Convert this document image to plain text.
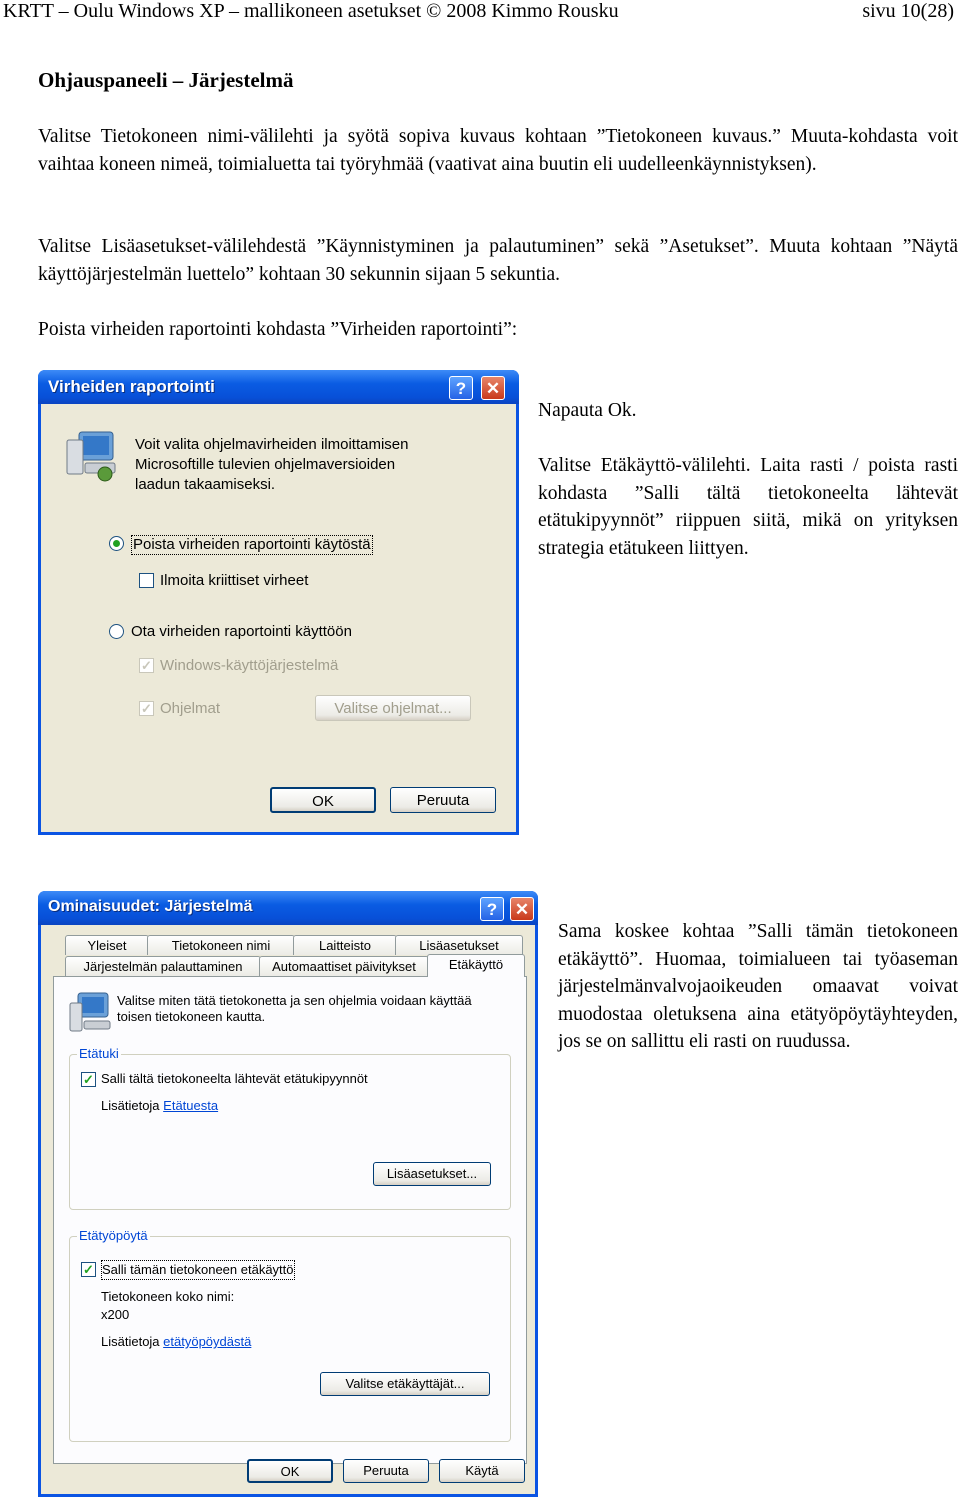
KRTT – Oulu Windows XP – mallikoneen asetukset © 2008 Kimmo Rousku	sivu 10(28)
Ohjauspaneeli – Järjestelmä
Valitse Tietokoneen nimi-välilehti ja syötä sopiva kuvaus kohtaan ”Tietokoneen kuvaus.” Muuta-kohdasta voit vaihtaa koneen nimeä, toimialuetta tai työryhmää (vaativat aina buutin eli uudelleenkäynnistyksen).
Valitse Lisäasetukset-välilehdestä ”Käynnistyminen ja palautuminen” sekä ”Asetukset”. Muuta kohtaan ”Näytä käyttöjärjestelmän luettelo” kohtaan 30 sekunnin sijaan 5 sekuntia.
Poista virheiden raportointi kohdasta ”Virheiden raportointi”:
Virheiden raportointi	?	✕
Voit valita ohjelmavirheiden ilmoittamisen
Microsoftille tulevien ohjelmaversioiden
laadun takaamiseksi.
Poista virheiden raportointi käytöstä
Ilmoita kriittiset virheet
Ota virheiden raportointi käyttöön
✓ Windows-käyttöjärjestelmä
✓ Ohjelmat	Valitse ohjelmat...
OK	Peruuta
Napauta Ok.
Valitse Etäkäyttö-välilehti. Laita rasti / poista rasti kohdasta ”Salli tältä tietokoneelta lähtevät etätukipyynnöt” riippuen siitä, mikä on yrityksen strategia etätukeen liittyen.
Ominaisuudet: Järjestelmä	?	✕
Yleiset	Tietokoneen nimi	Laitteisto	Lisäasetukset
Järjestelmän palauttaminen	Automaattiset päivitykset
Valitse miten tätä tietokonetta ja sen ohjelmia voidaan käyttää
toisen tietokoneen kautta.
Etätuki
✓ Salli tältä tietokoneelta lähtevät etätukipyynnöt
Lisätietoja Etätuesta
Lisäasetukset...
Etätyöpöytä
✓ Salli tämän tietokoneen etäkäyttö
Tietokoneen koko nimi:
x200
Lisätietoja etätyöpöydästä
Valitse etäkäyttäjät...
Etäkäyttö
OK	Peruuta	Käytä
Sama koskee kohtaa ”Salli tämän tietokoneen etäkäyttö”. Huomaa, toimialueen tai työaseman järjestelmänvalvojaoikeuden omaavat voivat muodostaa oletuksena aina etätyöpöytäyhteyden, jos se on sallittu eli rasti on ruudussa.
